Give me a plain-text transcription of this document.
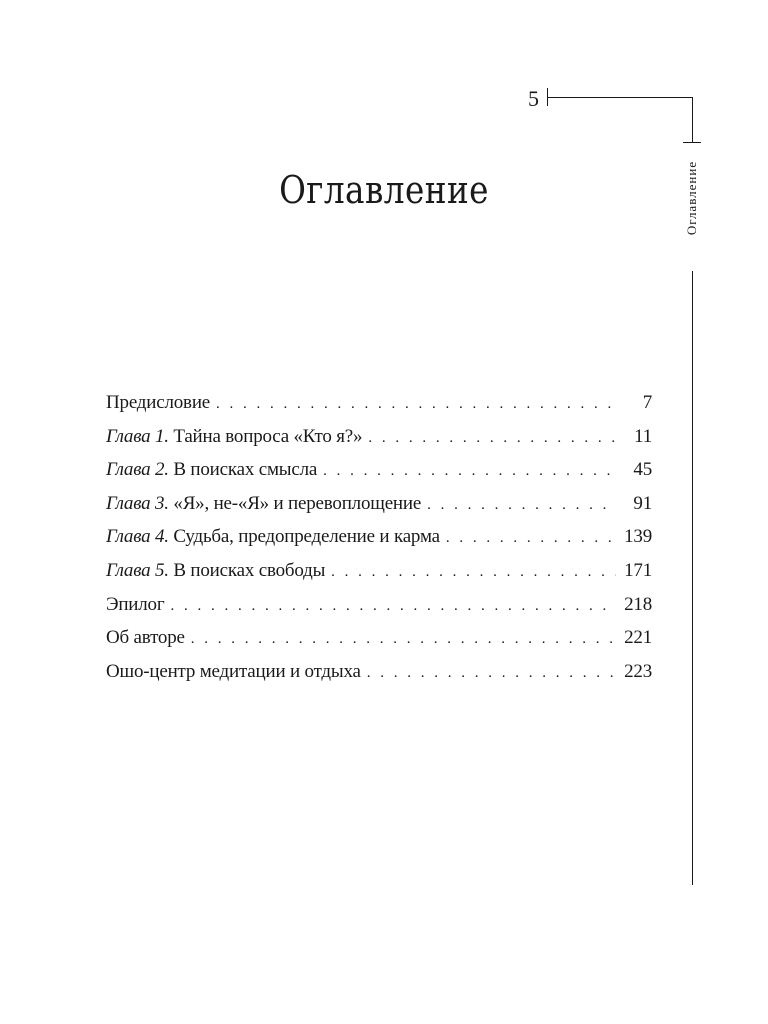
5
Оглавление
Оглавление
Предисловие . . .	7
Глава 1. Тайна вопроса «Кто я?» . . .	11
Глава 2. В поисках смысла . . .	45
Глава 3. «Я», не-«Я» и перевоплощение . . .	91
Глава 4. Судьба, предопределение и карма . . .	139
Глава 5. В поисках свободы . . .	171
Эпилог . . .	218
Об авторе . . .	221
Ошо-центр медитации и отдыха . . .	223
